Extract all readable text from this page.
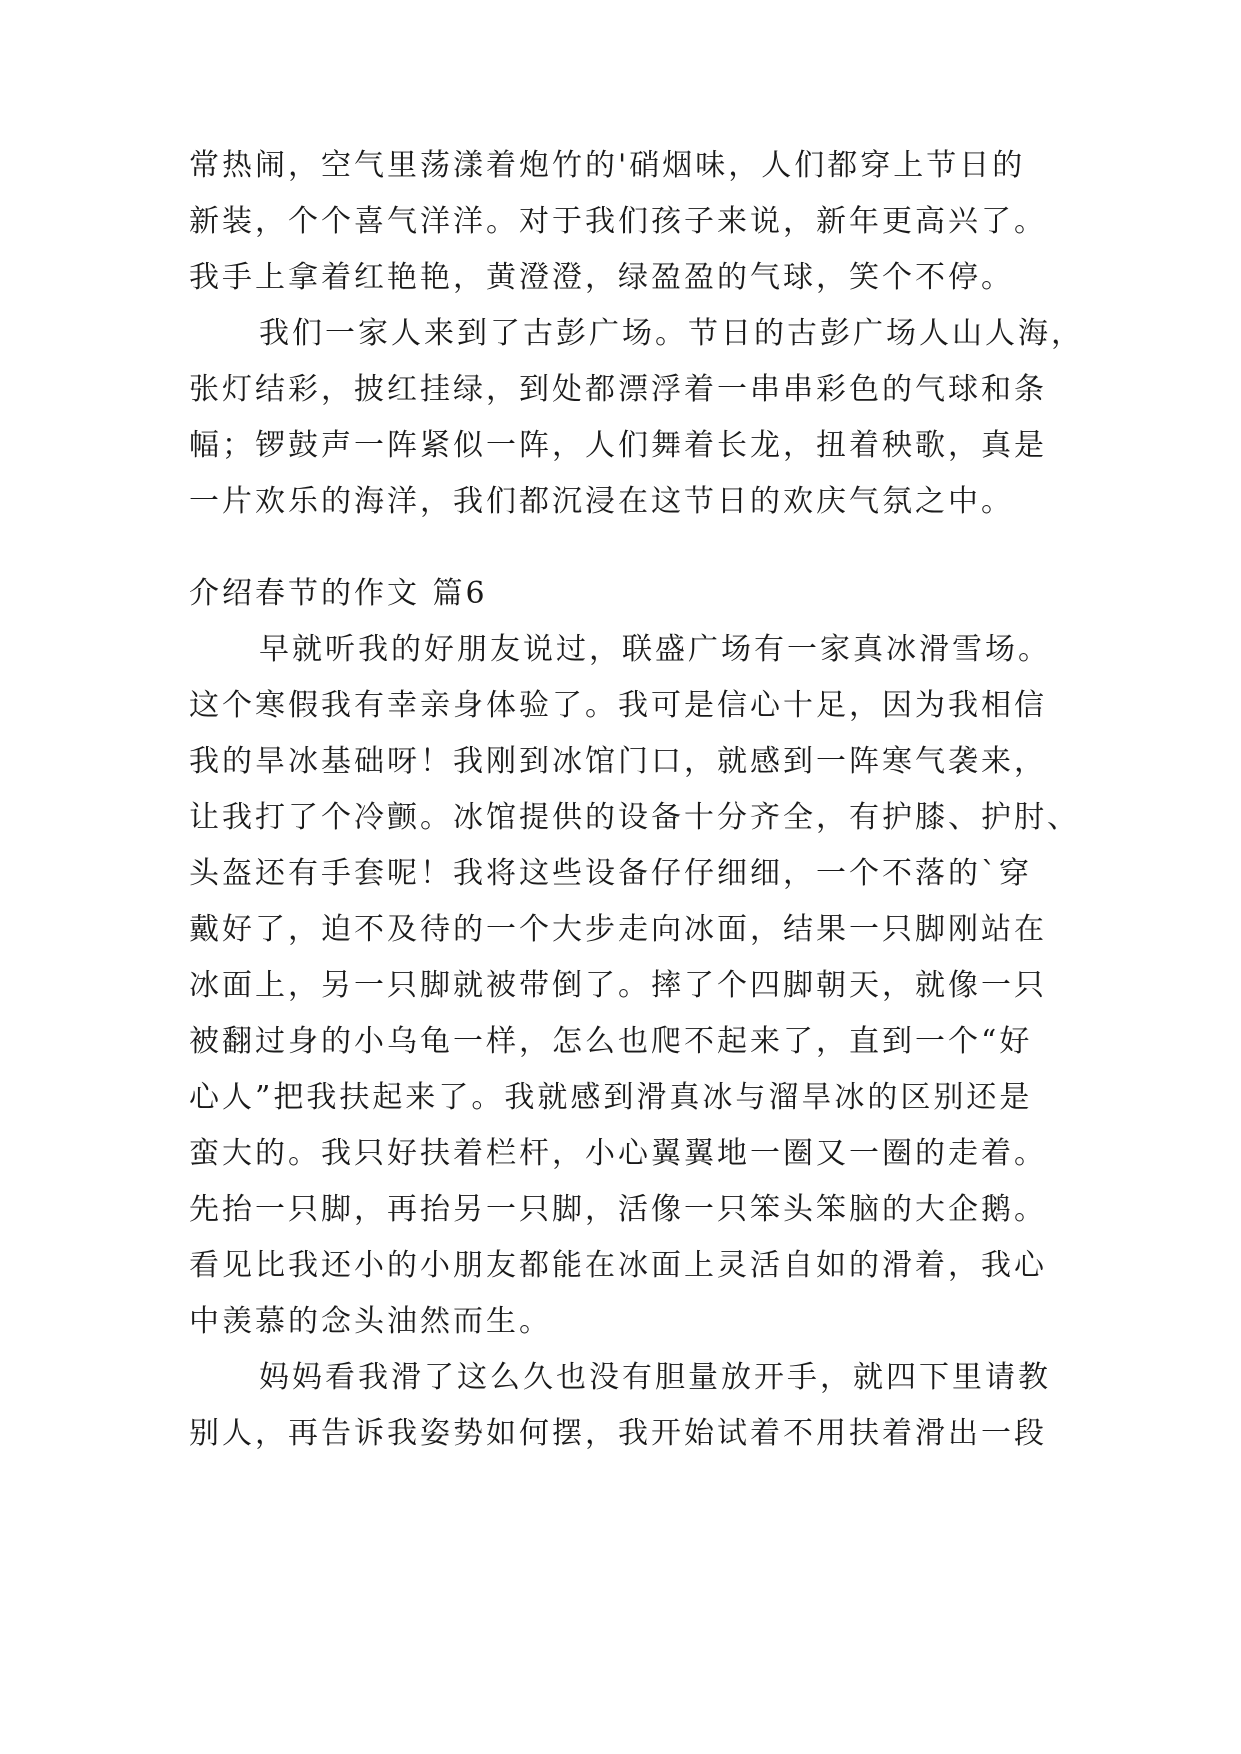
常热闹，空气里荡漾着炮竹的'硝烟味，人们都穿上节日的
新装，个个喜气洋洋。对于我们孩子来说，新年更高兴了。
我手上拿着红艳艳，黄澄澄，绿盈盈的气球，笑个不停。
我们一家人来到了古彭广场。节日的古彭广场人山人海，
张灯结彩，披红挂绿，到处都漂浮着一串串彩色的气球和条
幅；锣鼓声一阵紧似一阵，人们舞着长龙，扭着秧歌，真是
一片欢乐的海洋，我们都沉浸在这节日的欢庆气氛之中。
介绍春节的作文 篇6
早就听我的好朋友说过，联盛广场有一家真冰滑雪场。
这个寒假我有幸亲身体验了。我可是信心十足，因为我相信
我的旱冰基础呀！我刚到冰馆门口，就感到一阵寒气袭来，
让我打了个冷颤。冰馆提供的设备十分齐全，有护膝、护肘、
头盔还有手套呢！我将这些设备仔仔细细，一个不落的`穿
戴好了，迫不及待的一个大步走向冰面，结果一只脚刚站在
冰面上，另一只脚就被带倒了。摔了个四脚朝天，就像一只
被翻过身的小乌龟一样，怎么也爬不起来了，直到一个“好
心人”把我扶起来了。我就感到滑真冰与溜旱冰的区别还是
蛮大的。我只好扶着栏杆，小心翼翼地一圈又一圈的走着。
先抬一只脚，再抬另一只脚，活像一只笨头笨脑的大企鹅。
看见比我还小的小朋友都能在冰面上灵活自如的滑着，我心
中羡慕的念头油然而生。
妈妈看我滑了这么久也没有胆量放开手，就四下里请教
别人，再告诉我姿势如何摆，我开始试着不用扶着滑出一段
